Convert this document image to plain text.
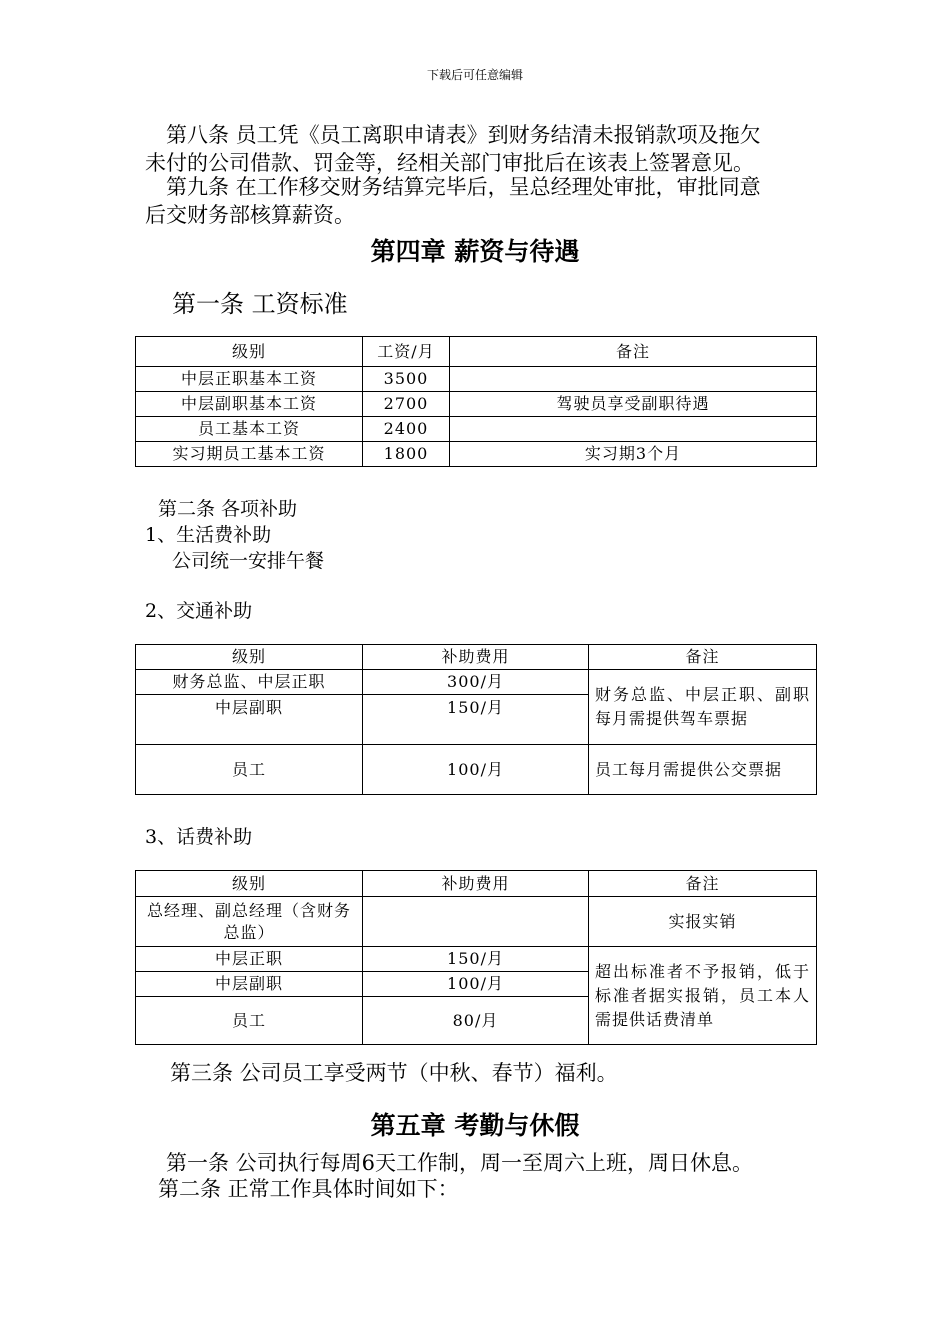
下载后可任意编辑
第八条 员工凭《员工离职申请表》到财务结清未报销款项及拖欠
未付的公司借款、罚金等，经相关部门审批后在该表上签署意见。
第九条 在工作移交财务结算完毕后，呈总经理处审批，审批同意
后交财务部核算薪资。
第四章 薪资与待遇
第一条 工资标准
级别	工资/月	备注
中层正职基本工资	3500	
中层副职基本工资	2700	驾驶员享受副职待遇
员工基本工资	2400	
实习期员工基本工资	1800	实习期3个月
第二条 各项补助
1、生活费补助
公司统一安排午餐
2、交通补助
级别	补助费用	备注
财务总监、中层正职	300/月	财务总监、中层正职、副职每月需提供驾车票据
中层副职	150/月	
员工	100/月	员工每月需提供公交票据
3、话费补助
级别	补助费用	备注
总经理、副总经理（含财务总监）		实报实销
中层正职	150/月	超出标准者不予报销，低于标准者据实报销，员工本人需提供话费清单
中层副职	100/月	
员工	80/月	
第三条 公司员工享受两节（中秋、春节）福利。
第五章 考勤与休假
第一条 公司执行每周6天工作制，周一至周六上班，周日休息。
第二条 正常工作具体时间如下：
